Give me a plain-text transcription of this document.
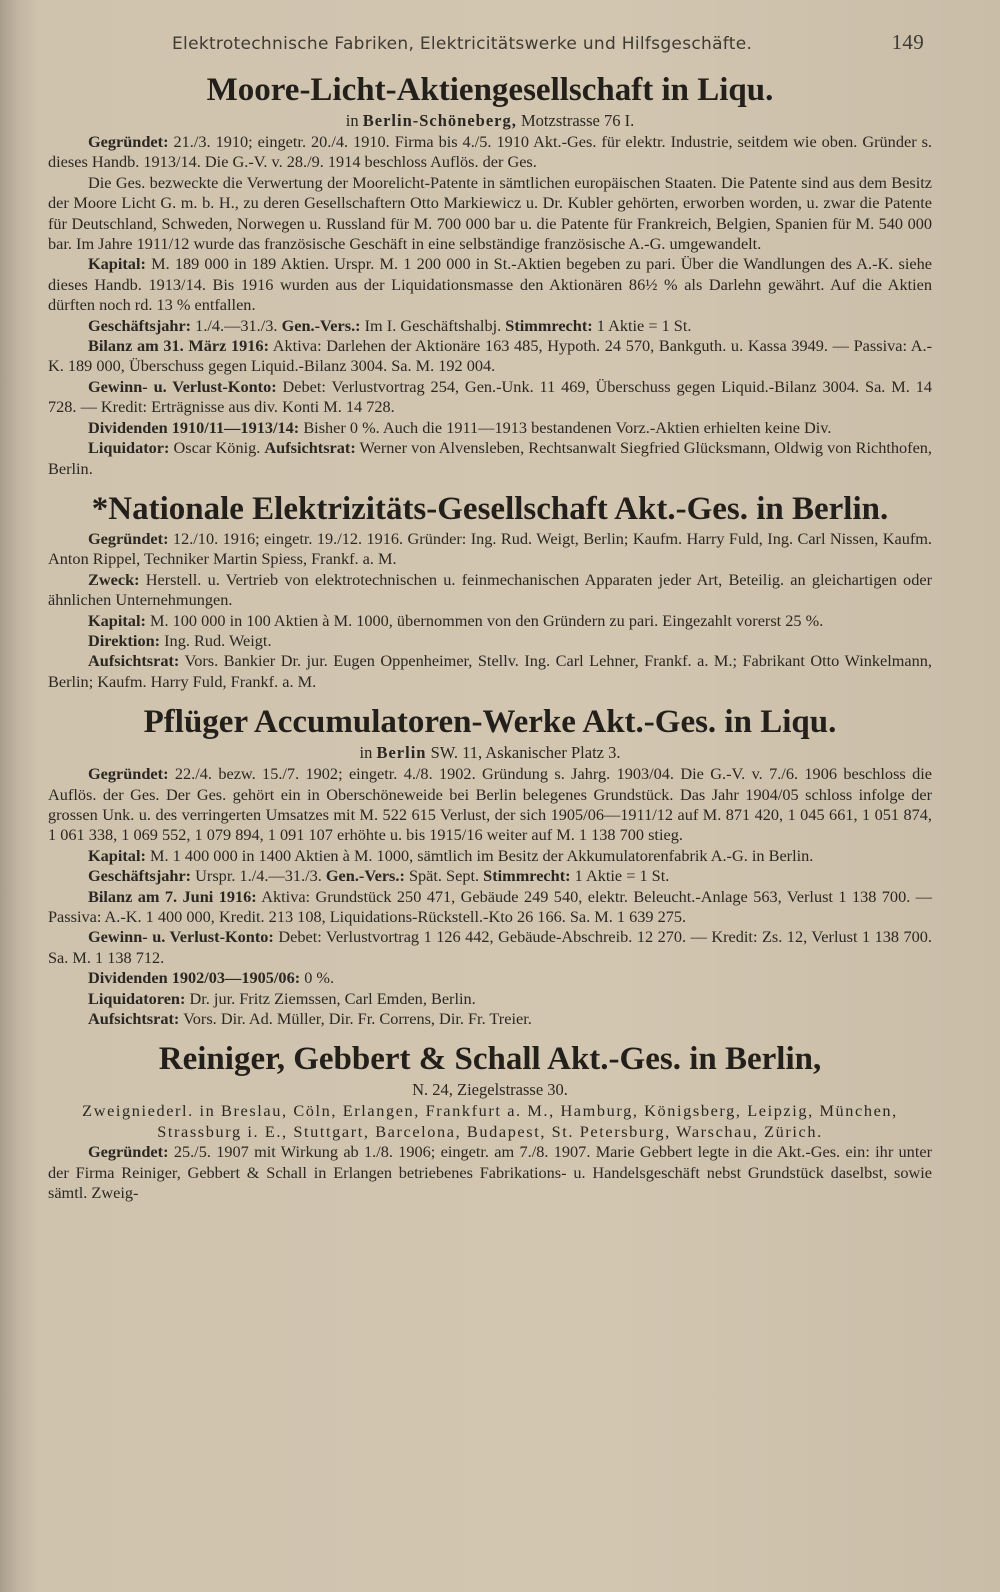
Elektrotechnische Fabriken, Elektricitätswerke und Hilfsgeschäfte.	149
Moore-Licht-Aktiengesellschaft in Liqu.

in Berlin-Schöneberg, Motzstrasse 76 I.

Gegründet: 21./3. 1910; eingetr. 20./4. 1910. Firma bis 4./5. 1910 Akt.-Ges. für elektr. Industrie, seitdem wie oben. Gründer s. dieses Handb. 1913/14. Die G.-V. v. 28./9. 1914 beschloss Auflös. der Ges.

Die Ges. bezweckte die Verwertung der Moorelicht-Patente in sämtlichen europäischen Staaten. Die Patente sind aus dem Besitz der Moore Licht G. m. b. H., zu deren Gesellschaftern Otto Markiewicz u. Dr. Kubler gehörten, erworben worden, u. zwar die Patente für Deutschland, Schweden, Norwegen u. Russland für M. 700 000 bar u. die Patente für Frankreich, Belgien, Spanien für M. 540 000 bar. Im Jahre 1911/12 wurde das französische Geschäft in eine selbständige französische A.-G. umgewandelt.

Kapital: M. 189 000 in 189 Aktien. Urspr. M. 1 200 000 in St.-Aktien begeben zu pari. Über die Wandlungen des A.-K. siehe dieses Handb. 1913/14. Bis 1916 wurden aus der Liquidationsmasse den Aktionären 86½ % als Darlehn gewährt. Auf die Aktien dürften noch rd. 13 % entfallen.

Geschäftsjahr: 1./4.—31./3. Gen.-Vers.: Im I. Geschäftshalbj. Stimmrecht: 1 Aktie = 1 St.

Bilanz am 31. März 1916: Aktiva: Darlehen der Aktionäre 163 485, Hypoth. 24 570, Bankguth. u. Kassa 3949. — Passiva: A.-K. 189 000, Überschuss gegen Liquid.-Bilanz 3004. Sa. M. 192 004.

Gewinn- u. Verlust-Konto: Debet: Verlustvortrag 254, Gen.-Unk. 11 469, Überschuss gegen Liquid.-Bilanz 3004. Sa. M. 14 728. — Kredit: Erträgnisse aus div. Konti M. 14 728.

Dividenden 1910/11—1913/14: Bisher 0 %. Auch die 1911—1913 bestandenen Vorz.-Aktien erhielten keine Div.

Liquidator: Oscar König. Aufsichtsrat: Werner von Alvensleben, Rechtsanwalt Siegfried Glücksmann, Oldwig von Richthofen, Berlin.

*Nationale Elektrizitäts-Gesellschaft Akt.-Ges. in Berlin.

Gegründet: 12./10. 1916; eingetr. 19./12. 1916. Gründer: Ing. Rud. Weigt, Berlin; Kaufm. Harry Fuld, Ing. Carl Nissen, Kaufm. Anton Rippel, Techniker Martin Spiess, Frankf. a. M.

Zweck: Herstell. u. Vertrieb von elektrotechnischen u. feinmechanischen Apparaten jeder Art, Beteilig. an gleichartigen oder ähnlichen Unternehmungen.

Kapital: M. 100 000 in 100 Aktien à M. 1000, übernommen von den Gründern zu pari. Eingezahlt vorerst 25 %.

Direktion: Ing. Rud. Weigt.

Aufsichtsrat: Vors. Bankier Dr. jur. Eugen Oppenheimer, Stellv. Ing. Carl Lehner, Frankf. a. M.; Fabrikant Otto Winkelmann, Berlin; Kaufm. Harry Fuld, Frankf. a. M.

Pflüger Accumulatoren-Werke Akt.-Ges. in Liqu.

in Berlin SW. 11, Askanischer Platz 3.

Gegründet: 22./4. bezw. 15./7. 1902; eingetr. 4./8. 1902. Gründung s. Jahrg. 1903/04. Die G.-V. v. 7./6. 1906 beschloss die Auflös. der Ges. Der Ges. gehört ein in Oberschöneweide bei Berlin belegenes Grundstück. Das Jahr 1904/05 schloss infolge der grossen Unk. u. des verringerten Umsatzes mit M. 522 615 Verlust, der sich 1905/06—1911/12 auf M. 871 420, 1 045 661, 1 051 874, 1 061 338, 1 069 552, 1 079 894, 1 091 107 erhöhte u. bis 1915/16 weiter auf M. 1 138 700 stieg.

Kapital: M. 1 400 000 in 1400 Aktien à M. 1000, sämtlich im Besitz der Akkumulatorenfabrik A.-G. in Berlin.

Geschäftsjahr: Urspr. 1./4.—31./3. Gen.-Vers.: Spät. Sept. Stimmrecht: 1 Aktie = 1 St.

Bilanz am 7. Juni 1916: Aktiva: Grundstück 250 471, Gebäude 249 540, elektr. Beleucht.-Anlage 563, Verlust 1 138 700. — Passiva: A.-K. 1 400 000, Kredit. 213 108, Liquidations-Rückstell.-Kto 26 166. Sa. M. 1 639 275.

Gewinn- u. Verlust-Konto: Debet: Verlustvortrag 1 126 442, Gebäude-Abschreib. 12 270. — Kredit: Zs. 12, Verlust 1 138 700. Sa. M. 1 138 712.

Dividenden 1902/03—1905/06: 0 %.

Liquidatoren: Dr. jur. Fritz Ziemssen, Carl Emden, Berlin.

Aufsichtsrat: Vors. Dir. Ad. Müller, Dir. Fr. Correns, Dir. Fr. Treier.

Reiniger, Gebbert & Schall Akt.-Ges. in Berlin,

N. 24, Ziegelstrasse 30.

Zweigniederl. in Breslau, Cöln, Erlangen, Frankfurt a. M., Hamburg, Königsberg, Leipzig, München, Strassburg i. E., Stuttgart, Barcelona, Budapest, St. Petersburg, Warschau, Zürich.

Gegründet: 25./5. 1907 mit Wirkung ab 1./8. 1906; eingetr. am 7./8. 1907. Marie Gebbert legte in die Akt.-Ges. ein: ihr unter der Firma Reiniger, Gebbert & Schall in Erlangen betriebenes Fabrikations- u. Handelsgeschäft nebst Grundstück daselbst, sowie sämtl. Zweig-
